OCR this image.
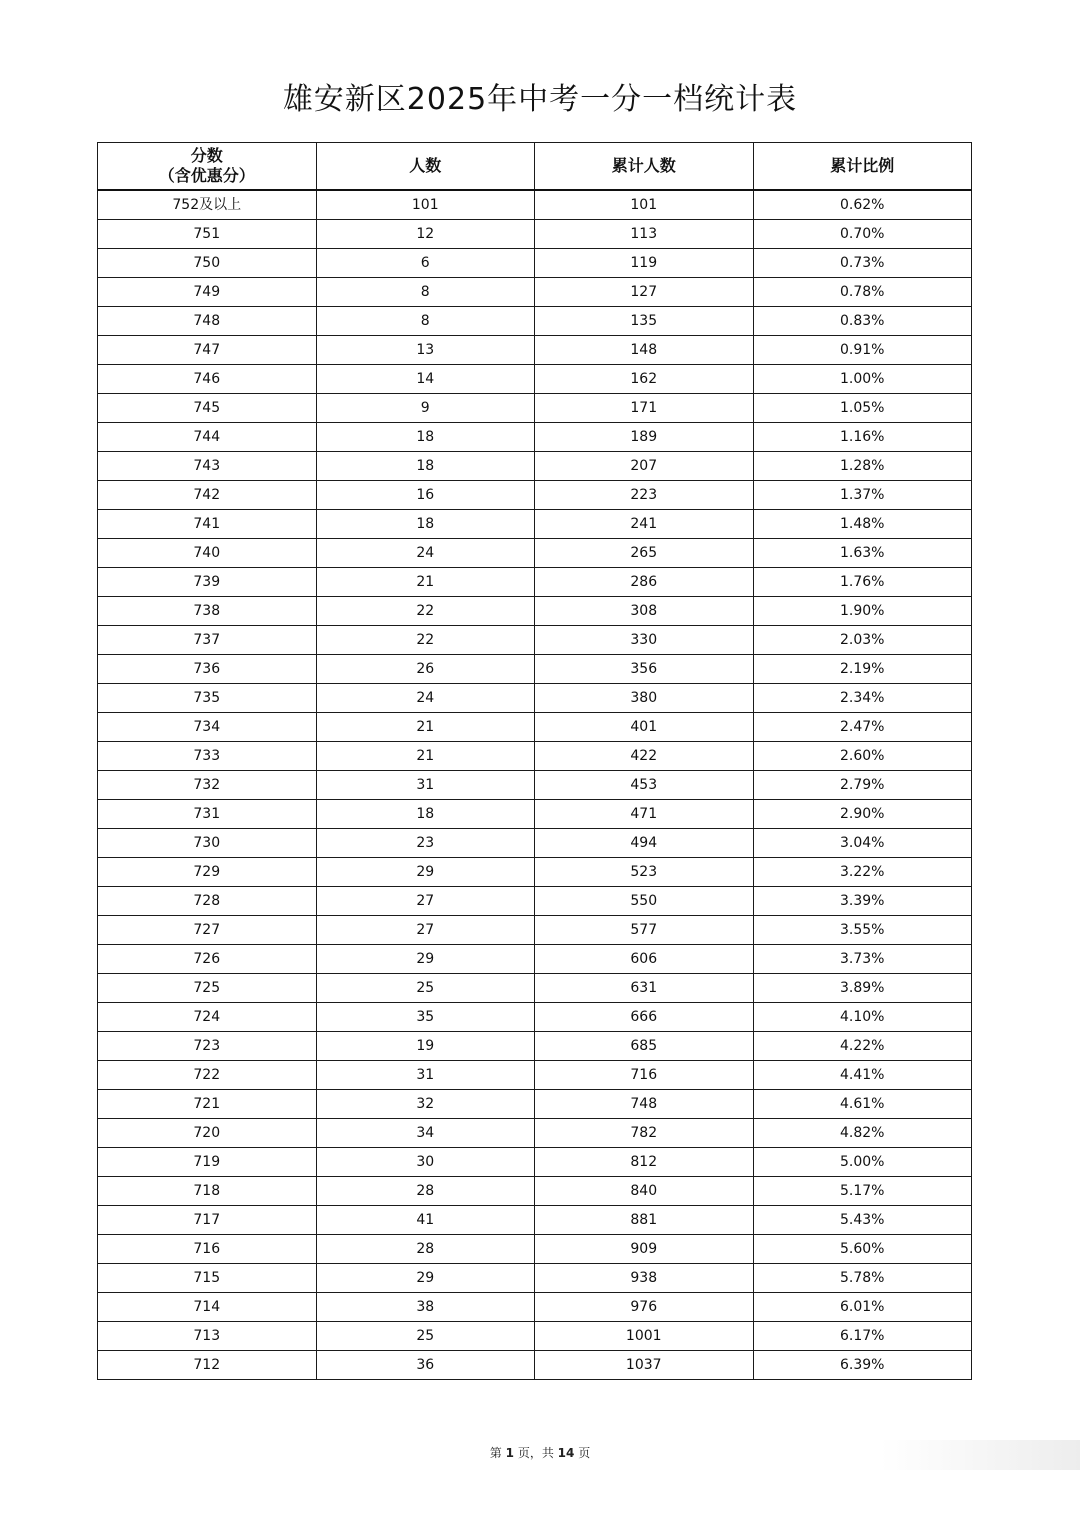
雄安新区2025年中考一分一档统计表
分数
（含优惠分）	人数	累计人数	累计比例
752及以上	101	101	0.62%
751	12	113	0.70%
750	6	119	0.73%
749	8	127	0.78%
748	8	135	0.83%
747	13	148	0.91%
746	14	162	1.00%
745	9	171	1.05%
744	18	189	1.16%
743	18	207	1.28%
742	16	223	1.37%
741	18	241	1.48%
740	24	265	1.63%
739	21	286	1.76%
738	22	308	1.90%
737	22	330	2.03%
736	26	356	2.19%
735	24	380	2.34%
734	21	401	2.47%
733	21	422	2.60%
732	31	453	2.79%
731	18	471	2.90%
730	23	494	3.04%
729	29	523	3.22%
728	27	550	3.39%
727	27	577	3.55%
726	29	606	3.73%
725	25	631	3.89%
724	35	666	4.10%
723	19	685	4.22%
722	31	716	4.41%
721	32	748	4.61%
720	34	782	4.82%
719	30	812	5.00%
718	28	840	5.17%
717	41	881	5.43%
716	28	909	5.60%
715	29	938	5.78%
714	38	976	6.01%
713	25	1001	6.17%
712	36	1037	6.39%
第 1 页，共 14 页
